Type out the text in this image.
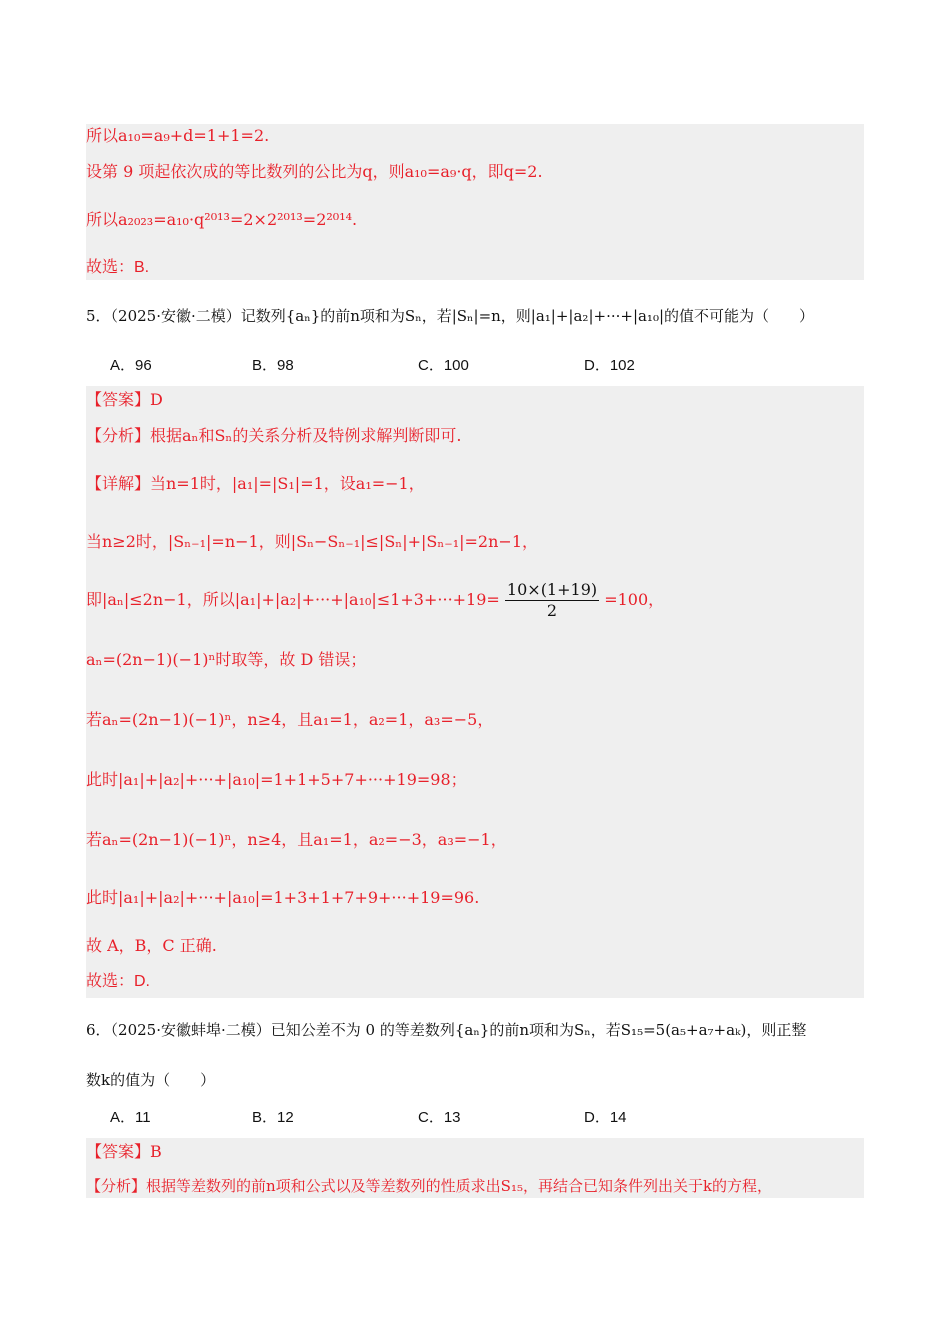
所以a₁₀=a₉+d=1+1=2.
设第 9 项起依次成的等比数列的公比为q，则a₁₀=a₉·q，即q=2.
所以a₂₀₂₃=a₁₀·q²⁰¹³=2×2²⁰¹³=2²⁰¹⁴.
故选：B.
5．（2025·安徽·二模）记数列{aₙ}的前n项和为Sₙ，若|Sₙ|=n，则|a₁|+|a₂|+···+|a₁₀|的值不可能为（　　）
A．96	B．98	C．100	D．102
【答案】D
【分析】根据aₙ和Sₙ的关系分析及特例求解判断即可.
【详解】当n=1时，|a₁|=|S₁|=1，设a₁=−1，
当n≥2时，|Sₙ₋₁|=n−1，则|Sₙ−Sₙ₋₁|≤|Sₙ|+|Sₙ₋₁|=2n−1，
即|aₙ|≤2n−1，所以$|a_1|+|a_2|+\cdot\cdot\cdot+|a_{10}|\le 1+3+\cdot\cdot\cdot+19= \frac{10\times(1+19)}{2} =100$，
aₙ=(2n−1)(−1)ⁿ时取等，故 D 错误；
若aₙ=(2n−1)(−1)ⁿ，n≥4，且a₁=1，a₂=1，a₃=−5，
此时|a₁|+|a₂|+···+|a₁₀|=1+1+5+7+···+19=98；
若aₙ=(2n−1)(−1)ⁿ，n≥4，且a₁=1，a₂=−3，a₃=−1，
此时|a₁|+|a₂|+···+|a₁₀|=1+3+1+7+9+···+19=96.
故 A，B，C 正确.
故选：D.
6．（2025·安徽蚌埠·二模）已知公差不为 0 的等差数列{aₙ}的前n项和为Sₙ，若S₁₅=5(a₅+a₇+aₖ)，则正整
数k的值为（　　）
A．11	B．12	C．13	D．14
【答案】B
【分析】根据等差数列的前n项和公式以及等差数列的性质求出S₁₅，再结合已知条件列出关于k的方程，
